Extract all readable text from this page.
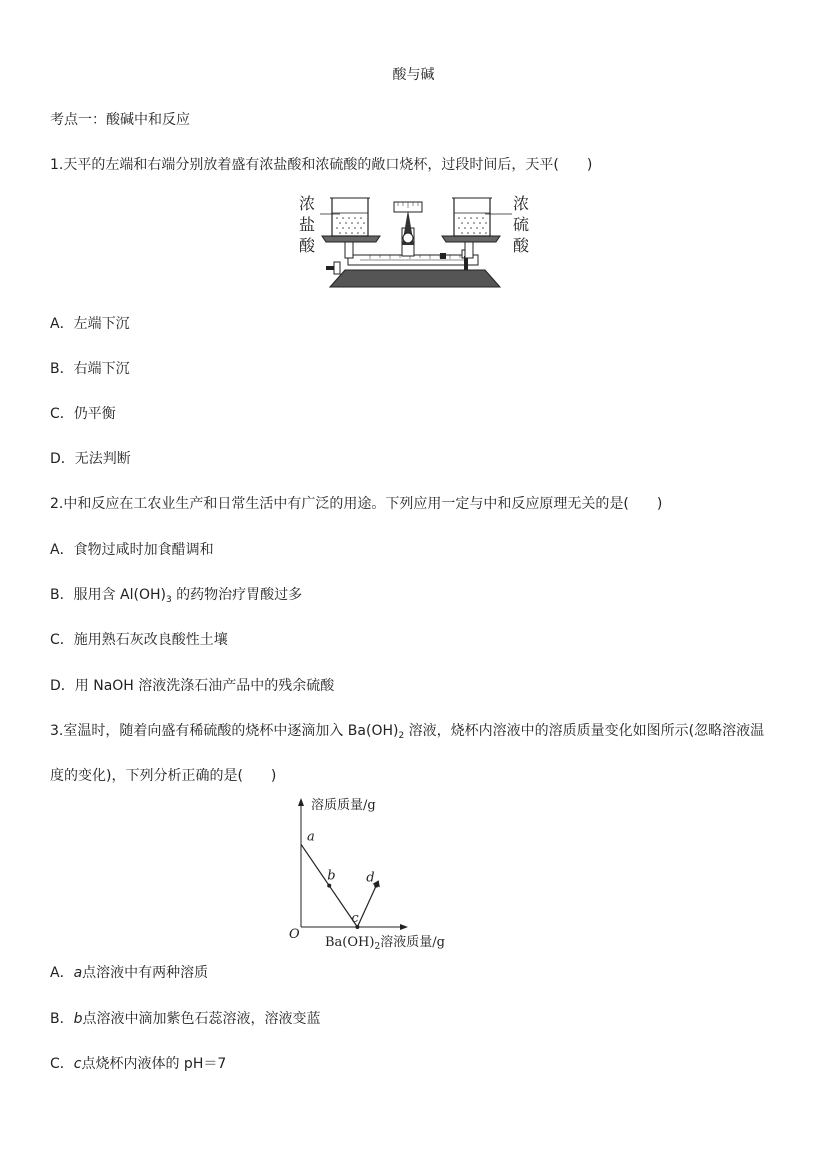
酸与碱
考点一：酸碱中和反应
1.天平的左端和右端分别放着盛有浓盐酸和浓硫酸的敞口烧杯，过段时间后，天平(　　)
浓
盐
酸
浓
硫
酸
A．左端下沉
B．右端下沉
C．仍平衡
D．无法判断
2.中和反应在工农业生产和日常生活中有广泛的用途。下列应用一定与中和反应原理无关的是(　　)
A．食物过咸时加食醋调和
B．服用含 $Al(OH)_3$ 的药物治疗胃酸过多
C．施用熟石灰改良酸性土壤
D．用 NaOH 溶液洗涤石油产品中的残余硫酸
3.室温时，随着向盛有稀硫酸的烧杯中逐滴加入 $Ba(OH)_2$ 溶液，烧杯内溶液中的溶质质量变化如图所示(忽略溶液温
度的变化)，下列分析正确的是(　　)
溶质质量/g
O
$Ba(OH)_2$溶液质量/g
a
b
c
d
A．a点溶液中有两种溶质
B．b点溶液中滴加紫色石蕊溶液，溶液变蓝
C．c点烧杯内液体的 pH＝7
